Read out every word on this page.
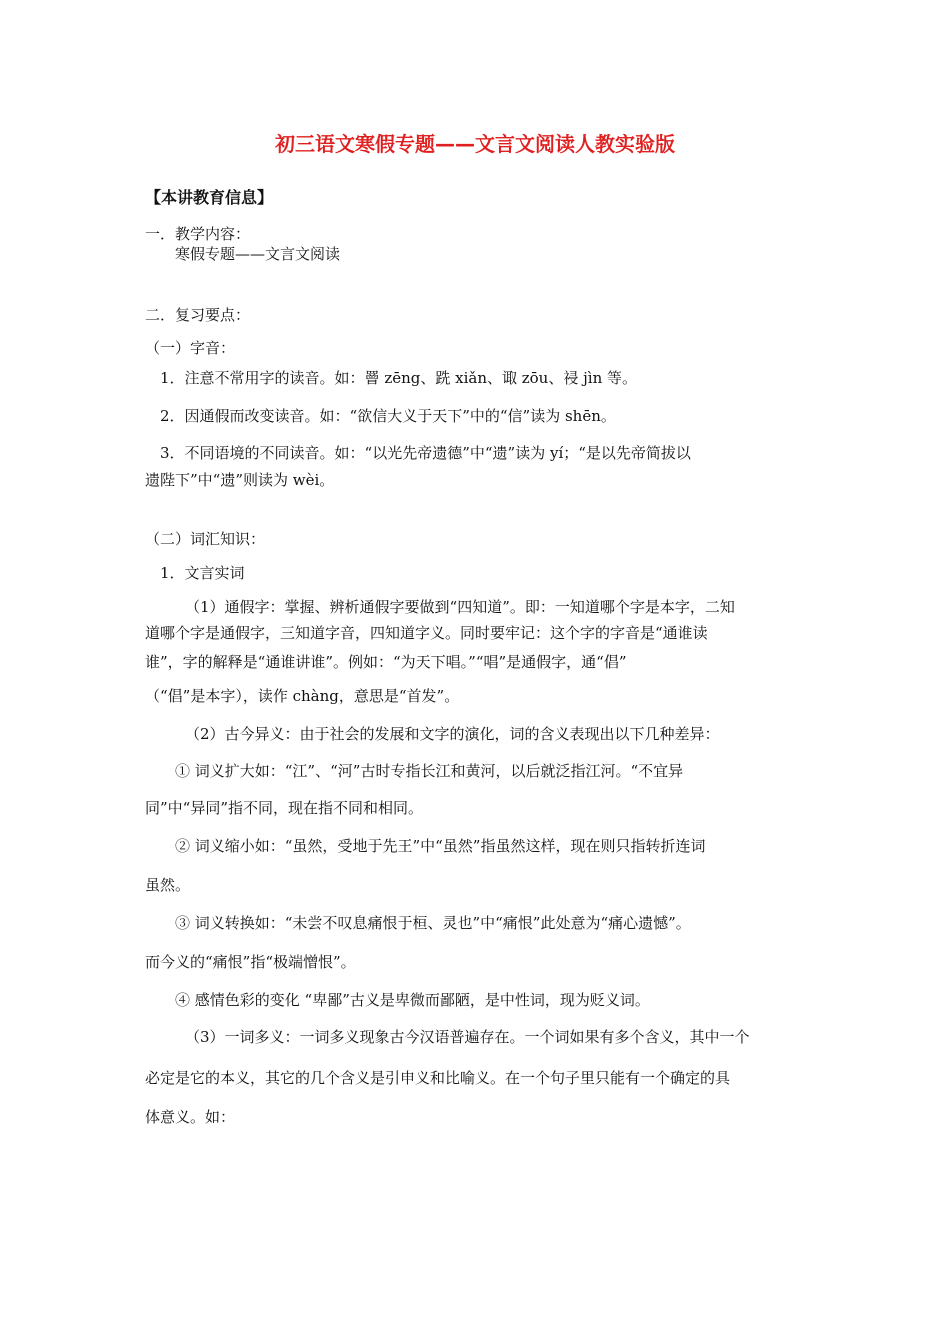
初三语文寒假专题——文言文阅读人教实验版
【本讲教育信息】
一．教学内容：
寒假专题——文言文阅读
二．复习要点：
（一）字音：
1．注意不常用字的读音。如：罾 zēng、跣 xiǎn、诹 zōu、祲 jìn 等。
2．因通假而改变读音。如：“欲信大义于天下”中的“信”读为 shēn。
3．不同语境的不同读音。如：“以光先帝遗德”中“遗”读为 yí；“是以先帝简拔以
遗陛下”中“遗”则读为 wèi。
（二）词汇知识：
1．文言实词
（1）通假字：掌握、辨析通假字要做到“四知道”。即：一知道哪个字是本字，二知
道哪个字是通假字，三知道字音，四知道字义。同时要牢记：这个字的字音是“通谁读
谁”，字的解释是“通谁讲谁”。例如：“为天下唱。”“唱”是通假字，通“倡”
（“倡”是本字），读作 chàng，意思是“首发”。
（2）古今异义：由于社会的发展和文字的演化，词的含义表现出以下几种差异：
① 词义扩大如：“江”、“河”古时专指长江和黄河，以后就泛指江河。“不宜异
同”中“异同”指不同，现在指不同和相同。
② 词义缩小如：“虽然，受地于先王”中“虽然”指虽然这样，现在则只指转折连词
虽然。
③ 词义转换如：“未尝不叹息痛恨于桓、灵也”中“痛恨”此处意为“痛心遗憾”。
而今义的“痛恨”指“极端憎恨”。
④ 感情色彩的变化 “卑鄙”古义是卑微而鄙陋，是中性词，现为贬义词。
（3）一词多义：一词多义现象古今汉语普遍存在。一个词如果有多个含义，其中一个
必定是它的本义，其它的几个含义是引申义和比喻义。在一个句子里只能有一个确定的具
体意义。如：
